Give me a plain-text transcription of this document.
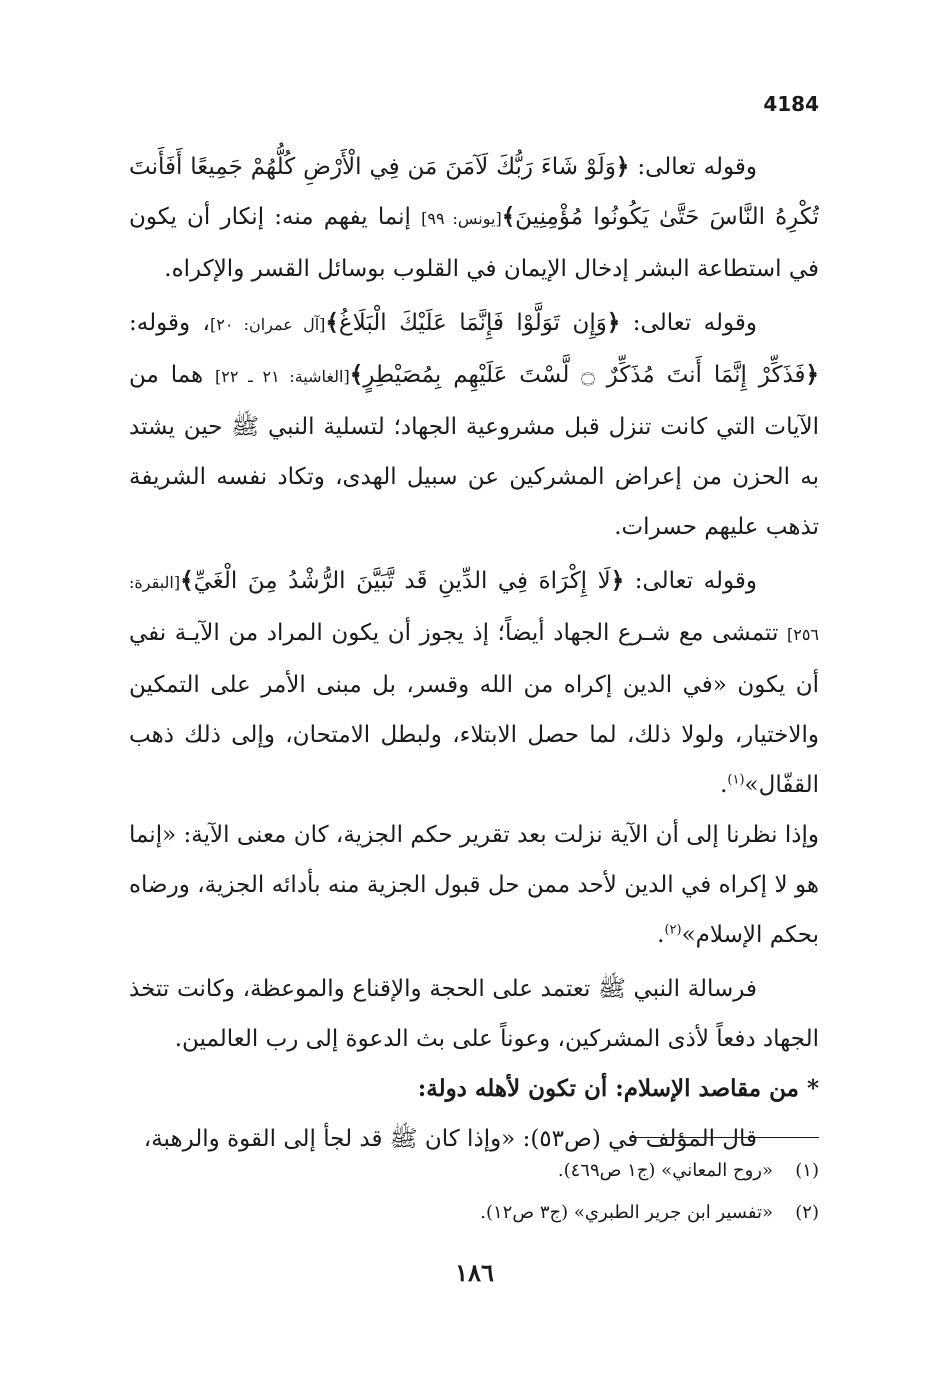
4184

وقوله تعالى: ﴿وَلَوْ شَاءَ رَبُّكَ لَآمَنَ مَن فِي الْأَرْضِ كُلُّهُمْ جَمِيعًا أَفَأَنتَ تُكْرِهُ النَّاسَ حَتَّىٰ يَكُونُوا مُؤْمِنِينَ﴾[يونس: ٩٩] إنما يفهم منه: إنكار أن يكون في استطاعة البشر إدخال الإيمان في القلوب بوسائل القسر والإكراه.

وقوله تعالى: ﴿وَإِن تَوَلَّوْا فَإِنَّمَا عَلَيْكَ الْبَلَاغُ﴾[آل عمران: ٢٠]، وقوله: ﴿فَذَكِّرْ إِنَّمَا أَنتَ مُذَكِّرٌ ۝ لَّسْتَ عَلَيْهِم بِمُصَيْطِرٍ﴾[الغاشية: ٢١ ـ ٢٢] هما من الآيات التي كانت تنزل قبل مشروعية الجهاد؛ لتسلية النبي ﷺ حين يشتد به الحزن من إعراض المشركين عن سبيل الهدى، وتكاد نفسه الشريفة تذهب عليهم حسرات.

وقوله تعالى: ﴿لَا إِكْرَاهَ فِي الدِّينِ قَد تَّبَيَّنَ الرُّشْدُ مِنَ الْغَيِّ﴾[البقرة: ٢٥٦] تتمشى مع شـرع الجهاد أيضاً؛ إذ يجوز أن يكون المراد من الآيـة نفي أن يكون «في الدين إكراه من الله وقسر، بل مبنى الأمر على التمكين والاختيار، ولولا ذلك، لما حصل الابتلاء، ولبطل الامتحان، وإلى ذلك ذهب القفّال»$^{(١)}$.

وإذا نظرنا إلى أن الآية نزلت بعد تقرير حكم الجزية، كان معنى الآية: «إنما هو لا إكراه في الدين لأحد ممن حل قبول الجزية منه بأدائه الجزية، ورضاه بحكم الإسلام»$^{(٢)}$.

فرسالة النبي ﷺ تعتمد على الحجة والإقناع والموعظة، وكانت تتخذ الجهاد دفعاً لأذى المشركين، وعوناً على بث الدعوة إلى رب العالمين.

* من مقاصد الإسلام: أن تكون لأهله دولة:

قال المؤلف في (ص٥٣): «وإذا كان ﷺ قد لجأ إلى القوة والرهبة،

(١)«روح المعاني» (ج١ ص٤٦٩).

(٢)«تفسير ابن جرير الطبري» (ج٣ ص١٢).

١٨٦
